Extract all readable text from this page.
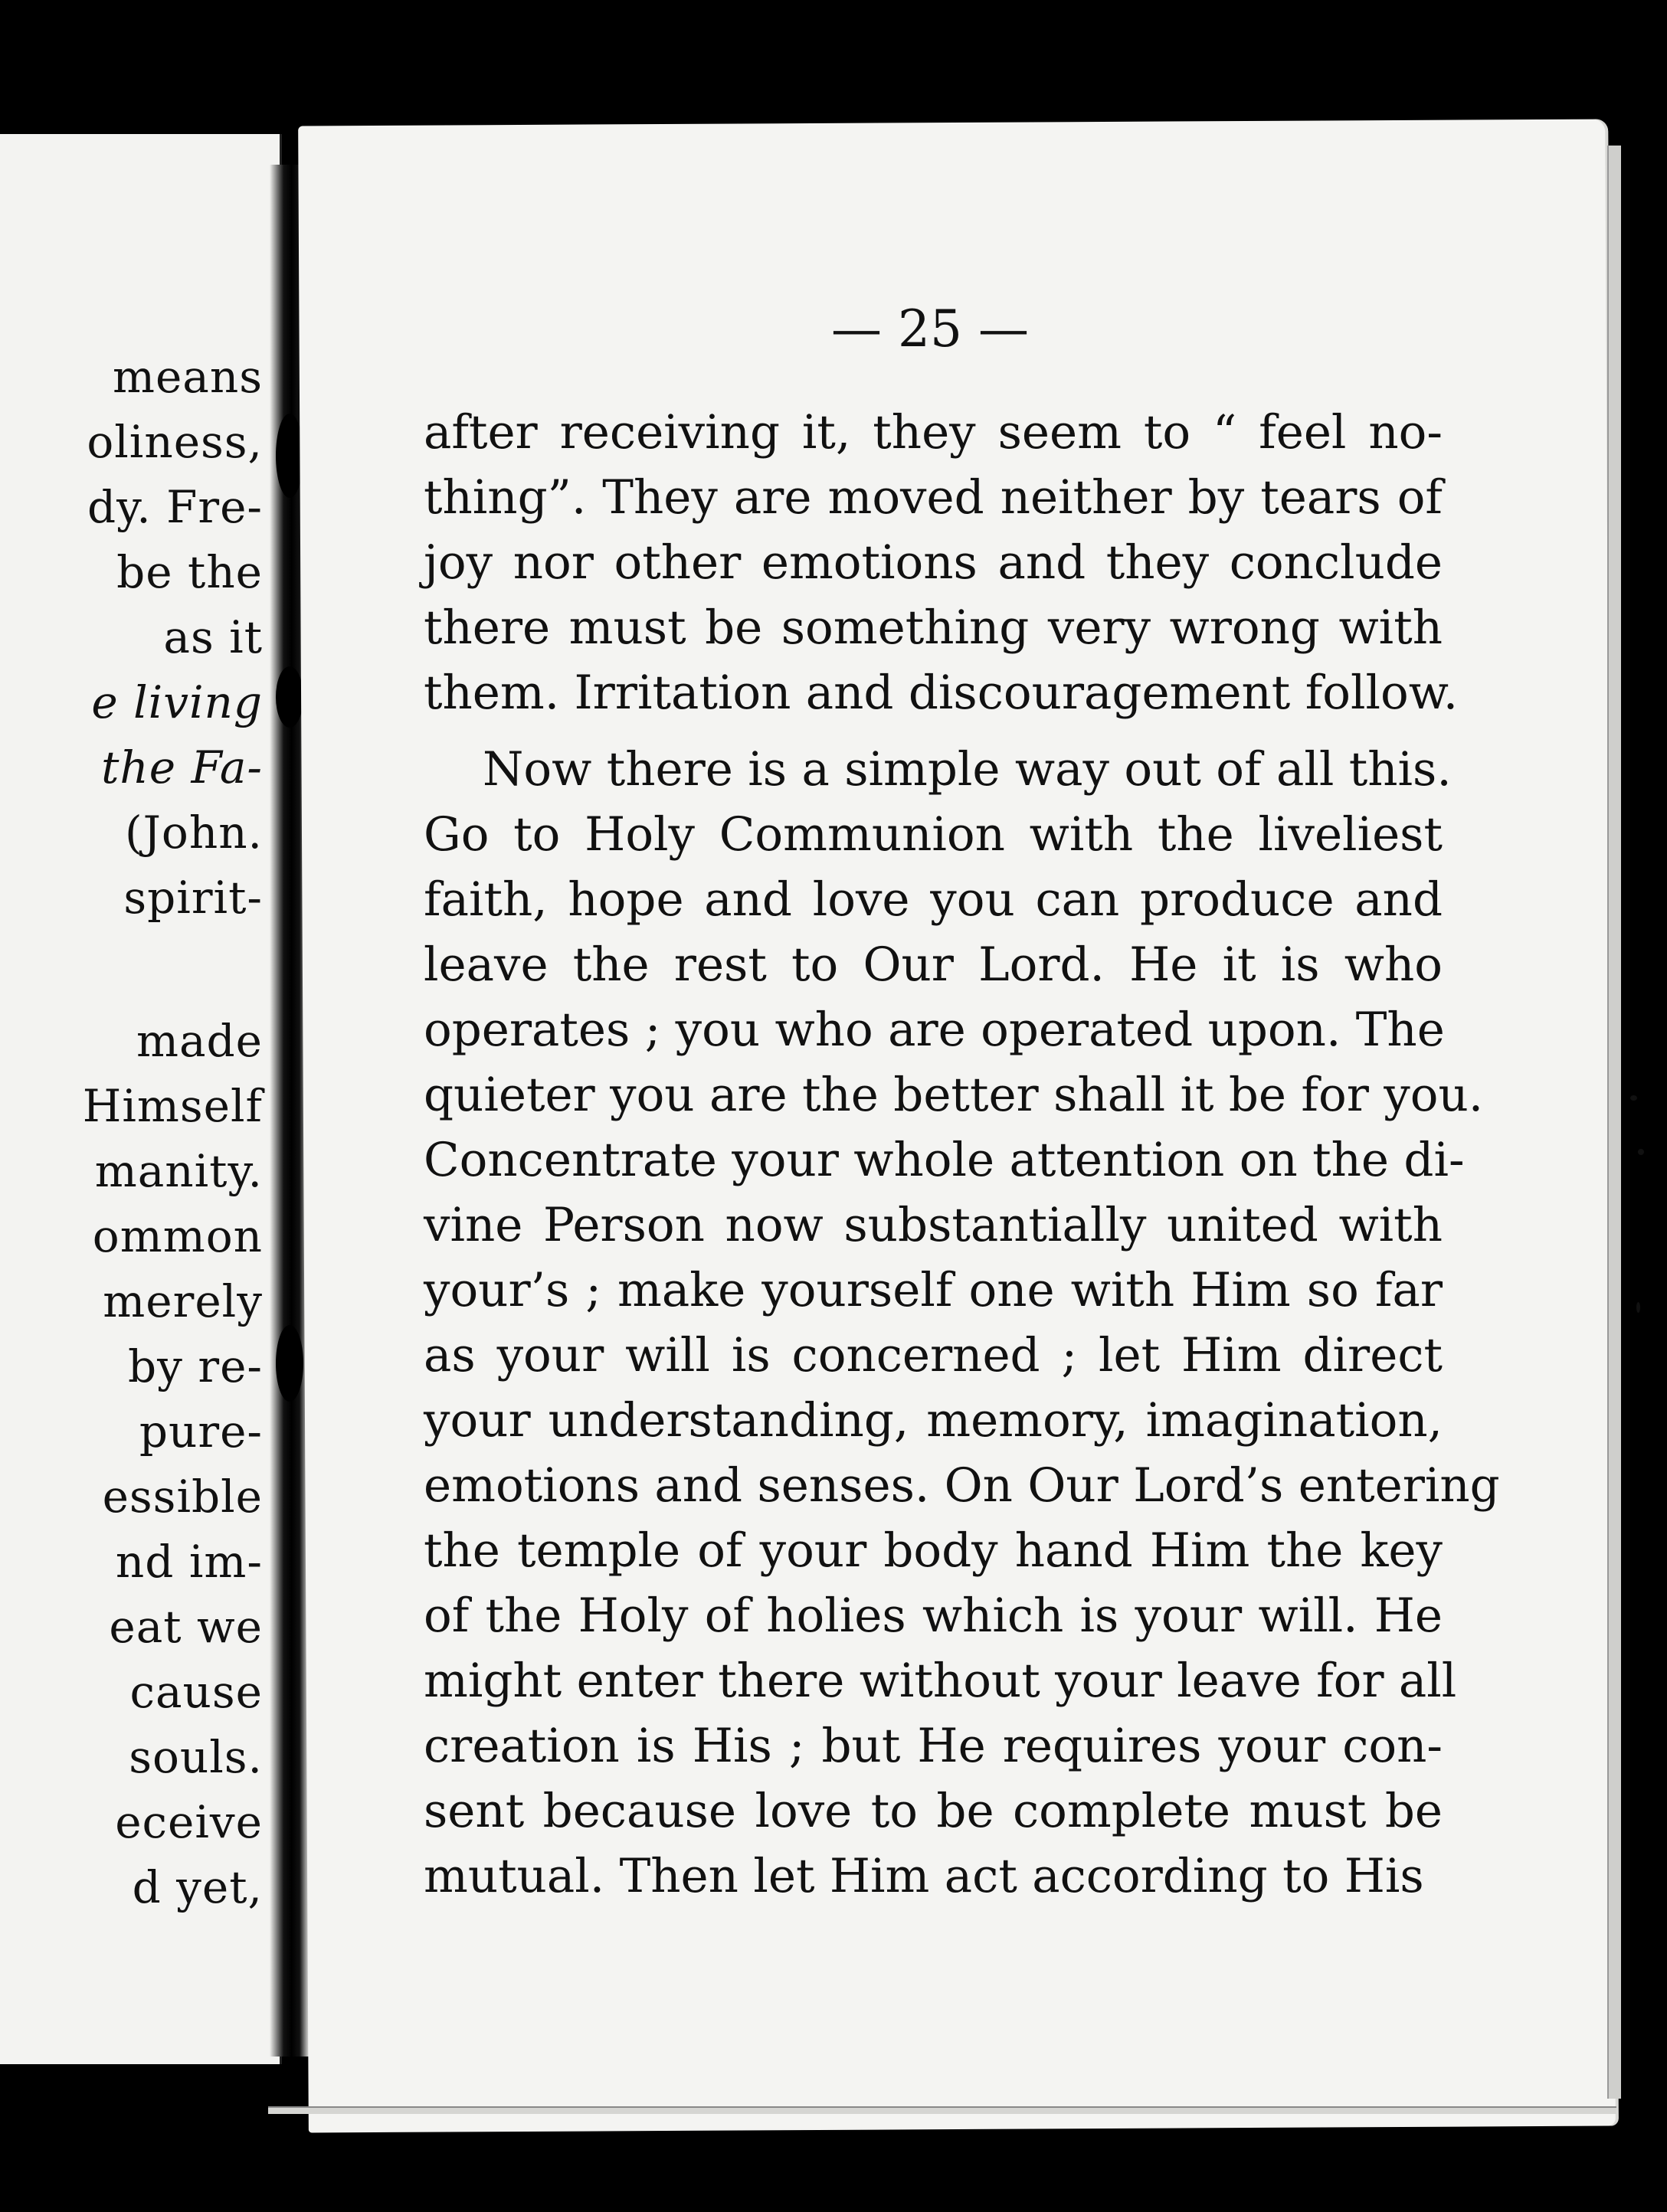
means
oliness,
dy. Fre-
be the
as it
e living
the Fa-
(John.
spirit-
made
Himself
manity.
ommon
merely
by re-
pure-
essible
nd im-
eat we
cause
souls.
eceive
d yet,
— 25 —
after receiving it, they seem to “ feel no-
thing”. They are moved neither by tears of
joy nor other emotions and they conclude
there must be something very wrong with
them. Irritation and discouragement follow.
Now there is a simple way out of all this.
Go to Holy Communion with the liveliest
faith, hope and love you can produce and
leave the rest to Our Lord. He it is who
operates ; you who are operated upon. The
quieter you are the better shall it be for you.
Concentrate your whole attention on the di-
vine Person now substantially united with
your’s ; make yourself one with Him so far
as your will is concerned ; let Him direct
your understanding, memory, imagination,
emotions and senses. On Our Lord’s entering
the temple of your body hand Him the key
of the Holy of holies which is your will. He
might enter there without your leave for all
creation is His ; but He requires your con-
sent because love to be complete must be
mutual. Then let Him act according to His
